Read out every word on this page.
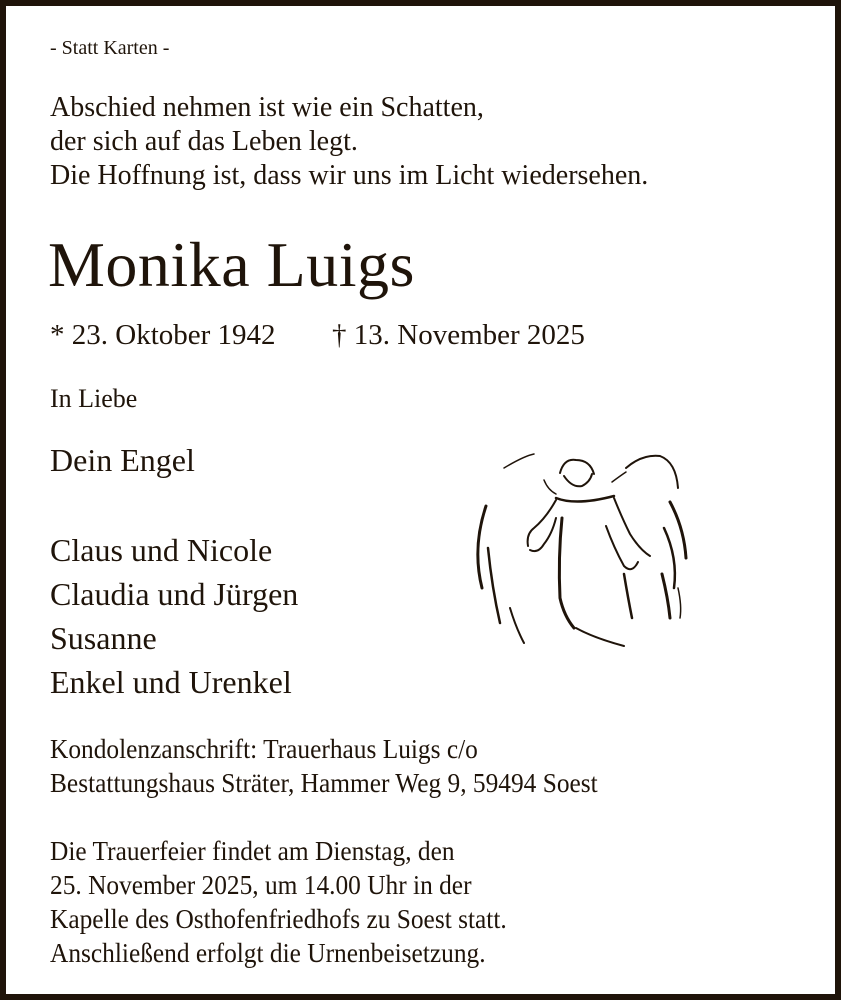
- Statt Karten -
Abschied nehmen ist wie ein Schatten,
der sich auf das Leben legt.
Die Hoffnung ist, dass wir uns im Licht wiedersehen.
Monika Luigs
* 23. Oktober 1942 † 13. November 2025
In Liebe
Dein Engel
Claus und Nicole
Claudia und Jürgen
Susanne
Enkel und Urenkel
Kondolenzanschrift: Trauerhaus Luigs c/o
Bestattungshaus Sträter, Hammer Weg 9, 59494 Soest
Die Trauerfeier findet am Dienstag, den
25. November 2025, um 14.00 Uhr in der
Kapelle des Osthofenfriedhofs zu Soest statt.
Anschließend erfolgt die Urnenbeisetzung.
